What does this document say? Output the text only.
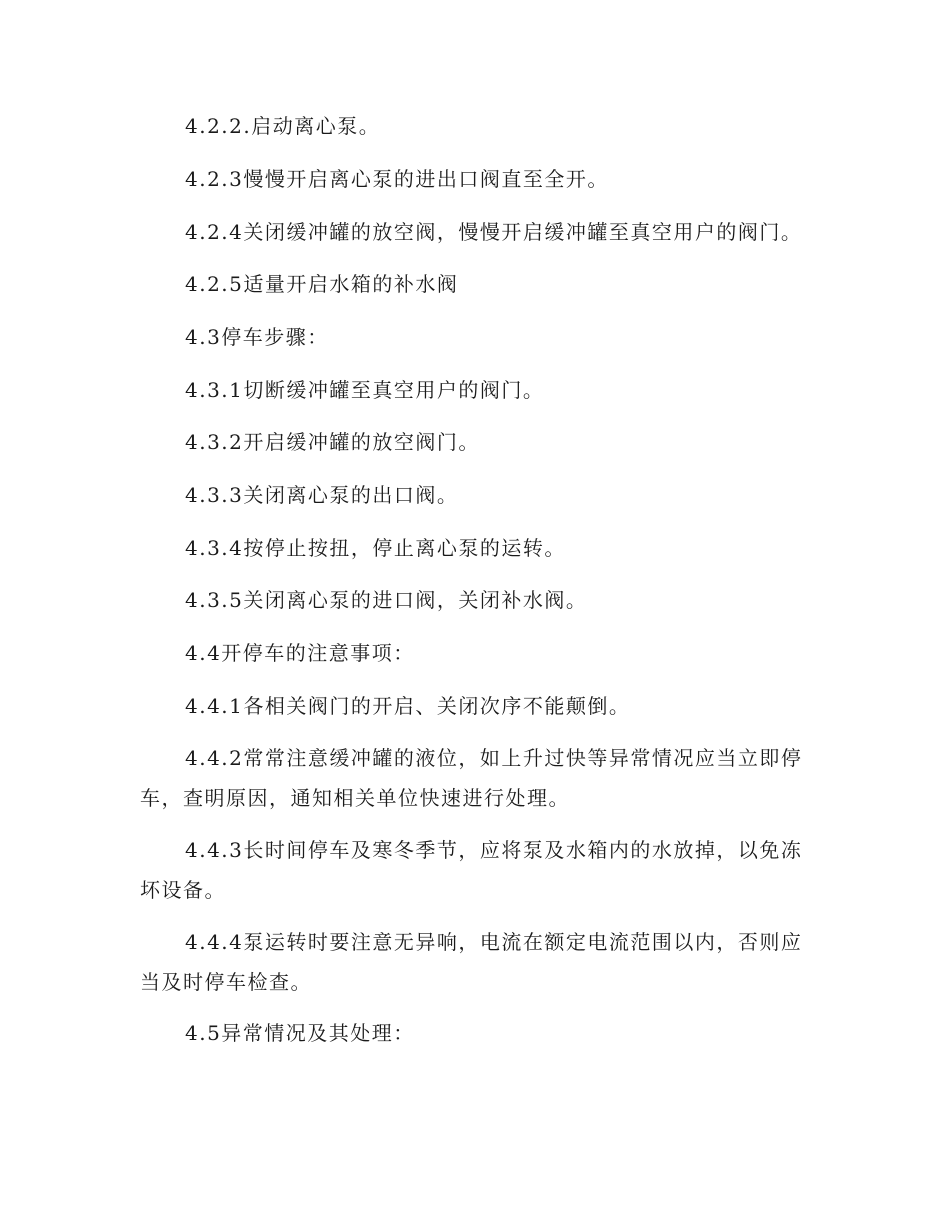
4.2.2.启动离心泵。

4.2.3慢慢开启离心泵的进出口阀直至全开。

4.2.4关闭缓冲罐的放空阀，慢慢开启缓冲罐至真空用户的阀门。

4.2.5适量开启水箱的补水阀

4.3停车步骤：

4.3.1切断缓冲罐至真空用户的阀门。

4.3.2开启缓冲罐的放空阀门。

4.3.3关闭离心泵的出口阀。

4.3.4按停止按扭，停止离心泵的运转。

4.3.5关闭离心泵的进口阀，关闭补水阀。

4.4开停车的注意事项：

4.4.1各相关阀门的开启、关闭次序不能颠倒。

4.4.2常常注意缓冲罐的液位，如上升过快等异常情况应当立即停车，查明原因，通知相关单位快速进行处理。

4.4.3长时间停车及寒冬季节，应将泵及水箱内的水放掉，以免冻坏设备。

4.4.4泵运转时要注意无异响，电流在额定电流范围以内，否则应当及时停车检查。

4.5异常情况及其处理：
